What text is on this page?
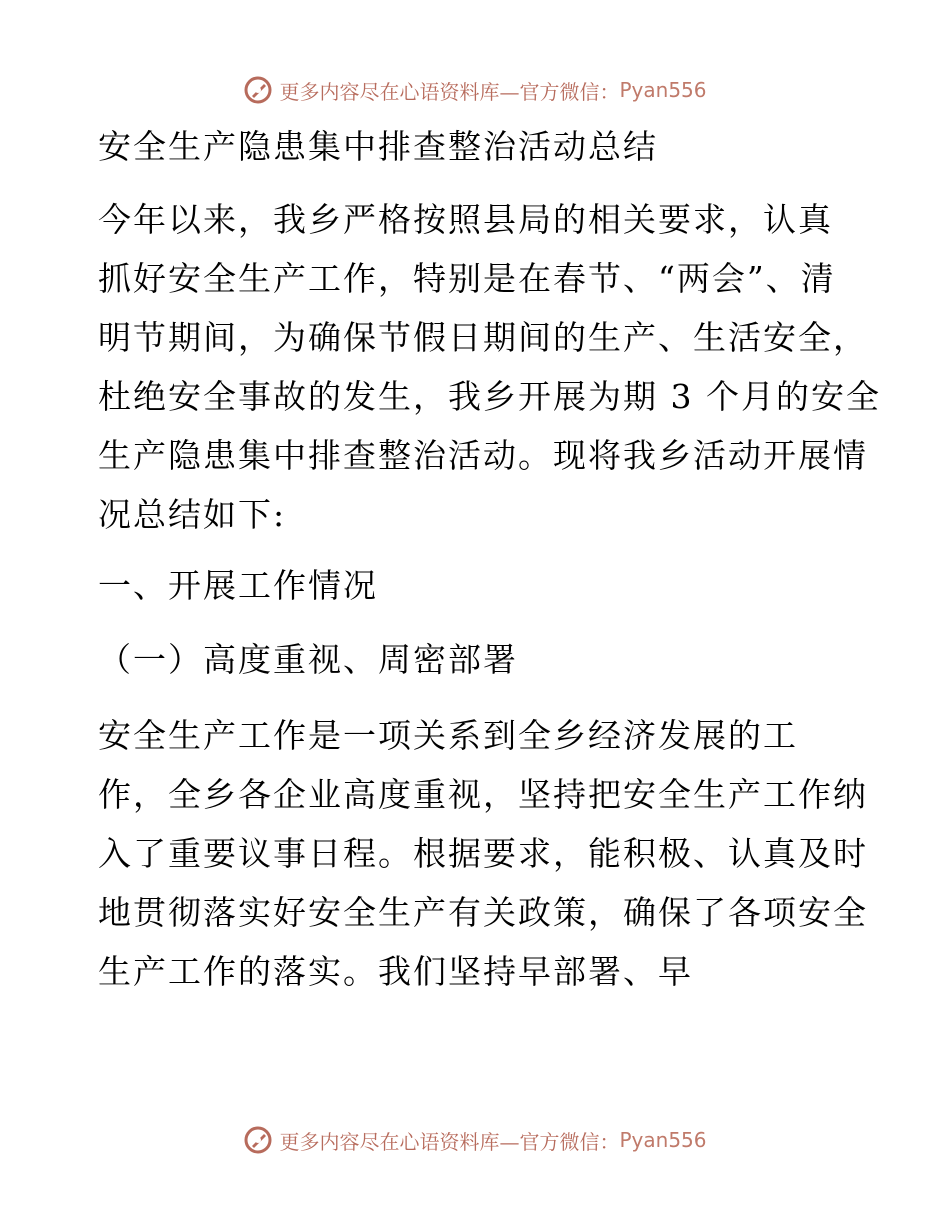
更多内容尽在心语资料库—官方微信： Pyan556
安全生产隐患集中排查整治活动总结
今年以来，我乡严格按照县局的相关要求，认真
抓好安全生产工作，特别是在春节、“两会”、清
明节期间，为确保节假日期间的生产、生活安全，
杜绝安全事故的发生，我乡开展为期 3 个月的安全
生产隐患集中排查整治活动。现将我乡活动开展情
况总结如下:
一、开展工作情况
（一）高度重视、周密部署
安全生产工作是一项关系到全乡经济发展的工
作，全乡各企业高度重视，坚持把安全生产工作纳
入了重要议事日程。根据要求，能积极、认真及时
地贯彻落实好安全生产有关政策，确保了各项安全
生产工作的落实。我们坚持早部署、早
更多内容尽在心语资料库—官方微信： Pyan556
